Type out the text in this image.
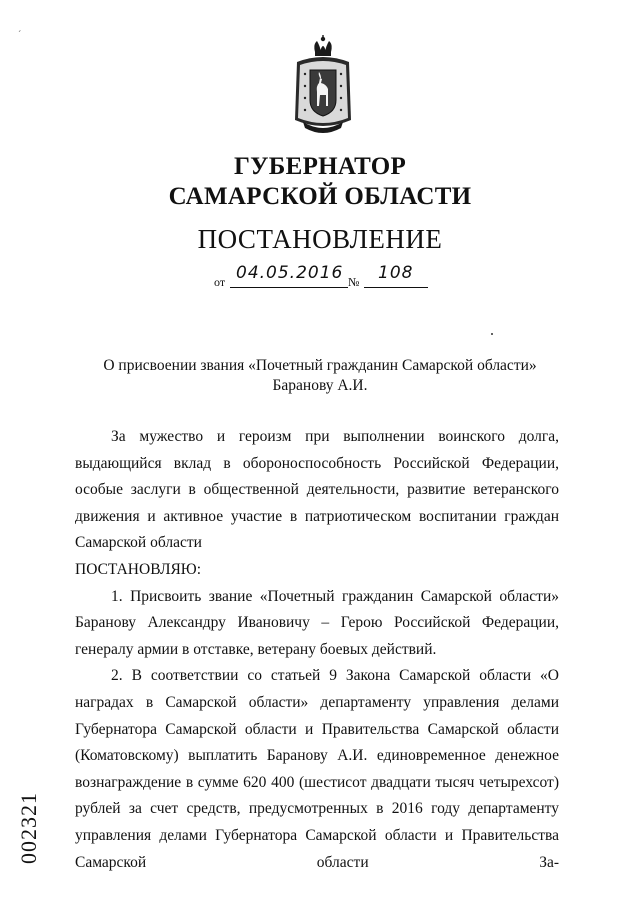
´
ГУБЕРНАТОР
САМАРСКОЙ ОБЛАСТИ
ПОСТАНОВЛЕНИЕ
от 04.05.2016 № 108
О присвоении звания «Почетный гражданин Самарской области»
Баранову А.И.

За мужество и героизм при выполнении воинского долга, выдающийся вклад в обороноспособность Российской Федерации, особые заслуги в общественной деятельности, развитие ветеранского движения и активное участие в патриотическом воспитании граждан Самарской области

ПОСТАНОВЛЯЮ:

1. Присвоить звание «Почетный гражданин Самарской области» Баранову Александру Ивановичу – Герою Российской Федерации, генералу армии в отставке, ветерану боевых действий.

2. В соответствии со статьей 9 Закона Самарской области «О наградах в Самарской области» департаменту управления делами Губернатора Самарской области и Правительства Самарской области (Коматовскому) выплатить Баранову А.И. единовременное денежное вознаграждение в сумме 620 400 (шестисот двадцати тысяч четырехсот) рублей за счет средств, предусмотренных в 2016 году департаменту управления делами Губернатора Самарской области и Правительства Самарской области За-

002321
